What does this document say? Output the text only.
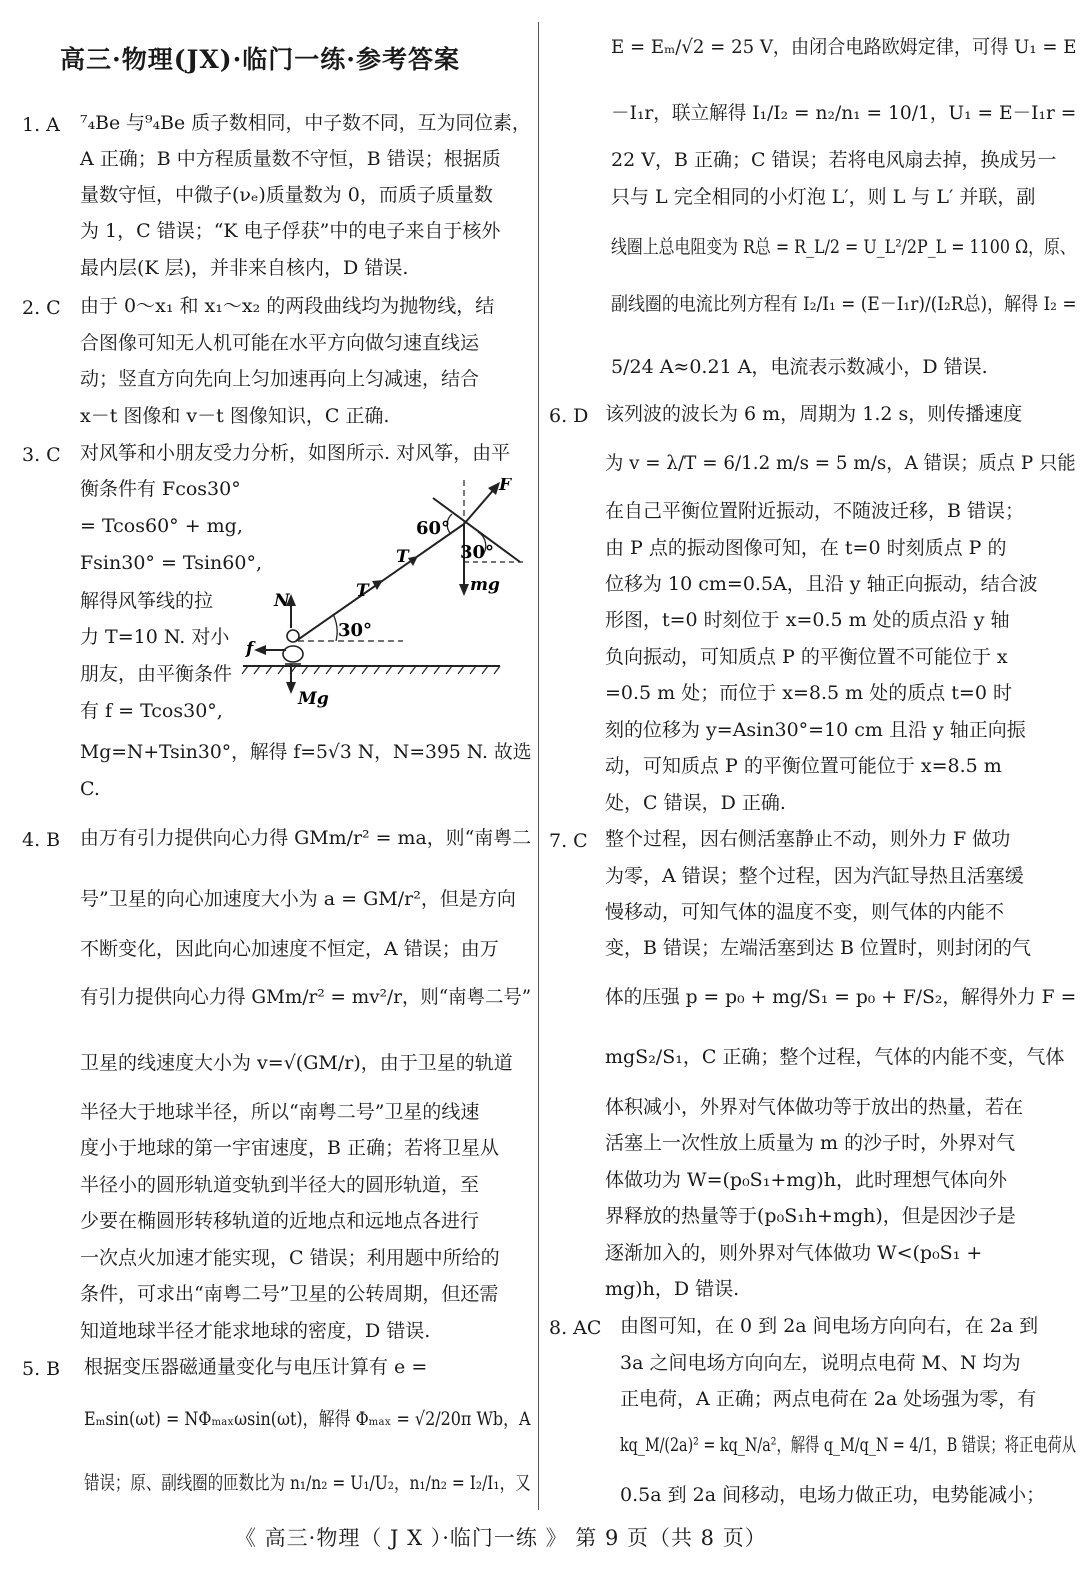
高三·物理(JX)·临门一练·参考答案
1. A ⁷₄Be 与⁹₄Be 质子数相同，中子数不同，互为同位素，
A 正确；B 中方程质量数不守恒，B 错误；根据质
量数守恒，中微子(νₑ)质量数为 0，而质子质量数
为 1，C 错误；“K 电子俘获”中的电子来自于核外
最内层(K 层)，并非来自核内，D 错误.
2. C 由于 0～x₁ 和 x₁～x₂ 的两段曲线均为抛物线，结
合图像可知无人机可能在水平方向做匀速直线运
动；竖直方向先向上匀加速再向上匀减速，结合
x－t 图像和 v－t 图像知识，C 正确.
3. C 对风筝和小朋友受力分析，如图所示. 对风筝，由平
衡条件有 Fcos30°
= Tcos60° + mg,
Fsin30° = Tsin60°,
解得风筝线的拉
力 T=10 N. 对小
朋友，由平衡条件
有 f = Tcos30°,
Mg=N+Tsin30°，解得 f=5√3 N，N=395 N. 故选
C.
F
60°
30°
T
T	mg
N
30°
f
Mg
4. B 由万有引力提供向心力得 GMm/r² = ma，则“南粤二
号”卫星的向心加速度大小为 a = GM/r²，但是方向
不断变化，因此向心加速度不恒定，A 错误；由万
有引力提供向心力得 GMm/r² = mv²/r，则“南粤二号”
卫星的线速度大小为 v=√(GM/r)，由于卫星的轨道
半径大于地球半径，所以“南粤二号”卫星的线速
度小于地球的第一宇宙速度，B 正确；若将卫星从
半径小的圆形轨道变轨到半径大的圆形轨道，至
少要在椭圆形转移轨道的近地点和远地点各进行
一次点火加速才能实现，C 错误；利用题中所给的
条件，可求出“南粤二号”卫星的公转周期，但还需
知道地球半径才能求地球的密度，D 错误.
5. B 根据变压器磁通量变化与电压计算有 e =
Eₘsin(ωt) = NΦₘₐₓωsin(ωt)，解得 Φₘₐₓ = √2/20π Wb，A
错误；原、副线圈的匝数比为 n₁/n₂ = U₁/U₂，n₁/n₂ = I₂/I₁，又
E = Eₘ/√2 = 25 V，由闭合电路欧姆定律，可得 U₁ = E
－I₁r，联立解得 I₁/I₂ = n₂/n₁ = 10/1，U₁ = E－I₁r =
22 V，B 正确；C 错误；若将电风扇去掉，换成另一
只与 L 完全相同的小灯泡 L′，则 L 与 L′ 并联，副
线圈上总电阻变为 R总 = R_L/2 = U_L²/2P_L = 1100 Ω，原、
副线圈的电流比列方程有 I₂/I₁ = (E－I₁r)/(I₂R总)，解得 I₂ =
5/24 A≈0.21 A，电流表示数减小，D 错误.
6. D 该列波的波长为 6 m，周期为 1.2 s，则传播速度
为 v = λ/T = 6/1.2 m/s = 5 m/s，A 错误；质点 P 只能
在自己平衡位置附近振动，不随波迁移，B 错误；
由 P 点的振动图像可知，在 t=0 时刻质点 P 的
位移为 10 cm=0.5A，且沿 y 轴正向振动，结合波
形图，t=0 时刻位于 x=0.5 m 处的质点沿 y 轴
负向振动，可知质点 P 的平衡位置不可能位于 x
=0.5 m 处；而位于 x=8.5 m 处的质点 t=0 时
刻的位移为 y=Asin30°=10 cm 且沿 y 轴正向振
动，可知质点 P 的平衡位置可能位于 x=8.5 m
处，C 错误，D 正确.
7. C 整个过程，因右侧活塞静止不动，则外力 F 做功
为零，A 错误；整个过程，因为汽缸导热且活塞缓
慢移动，可知气体的温度不变，则气体的内能不
变，B 错误；左端活塞到达 B 位置时，则封闭的气
体的压强 p = p₀ + mg/S₁ = p₀ + F/S₂，解得外力 F =
mgS₂/S₁，C 正确；整个过程，气体的内能不变，气体
体积减小，外界对气体做功等于放出的热量，若在
活塞上一次性放上质量为 m 的沙子时，外界对气
体做功为 W=(p₀S₁+mg)h，此时理想气体向外
界释放的热量等于(p₀S₁h+mgh)，但是因沙子是
逐渐加入的，则外界对气体做功 W<(p₀S₁ +
mg)h，D 错误.
8. AC 由图可知，在 0 到 2a 间电场方向向右，在 2a 到
3a 之间电场方向向左，说明点电荷 M、N 均为
正电荷，A 正确；两点电荷在 2a 处场强为零，有
kq_M/(2a)² = kq_N/a²，解得 q_M/q_N = 4/1，B 错误；将正电荷从
0.5a 到 2a 间移动，电场力做正功，电势能减小；
《 高三·物理（ J X ）·临门一练 》 第 9 页（共 8 页）
